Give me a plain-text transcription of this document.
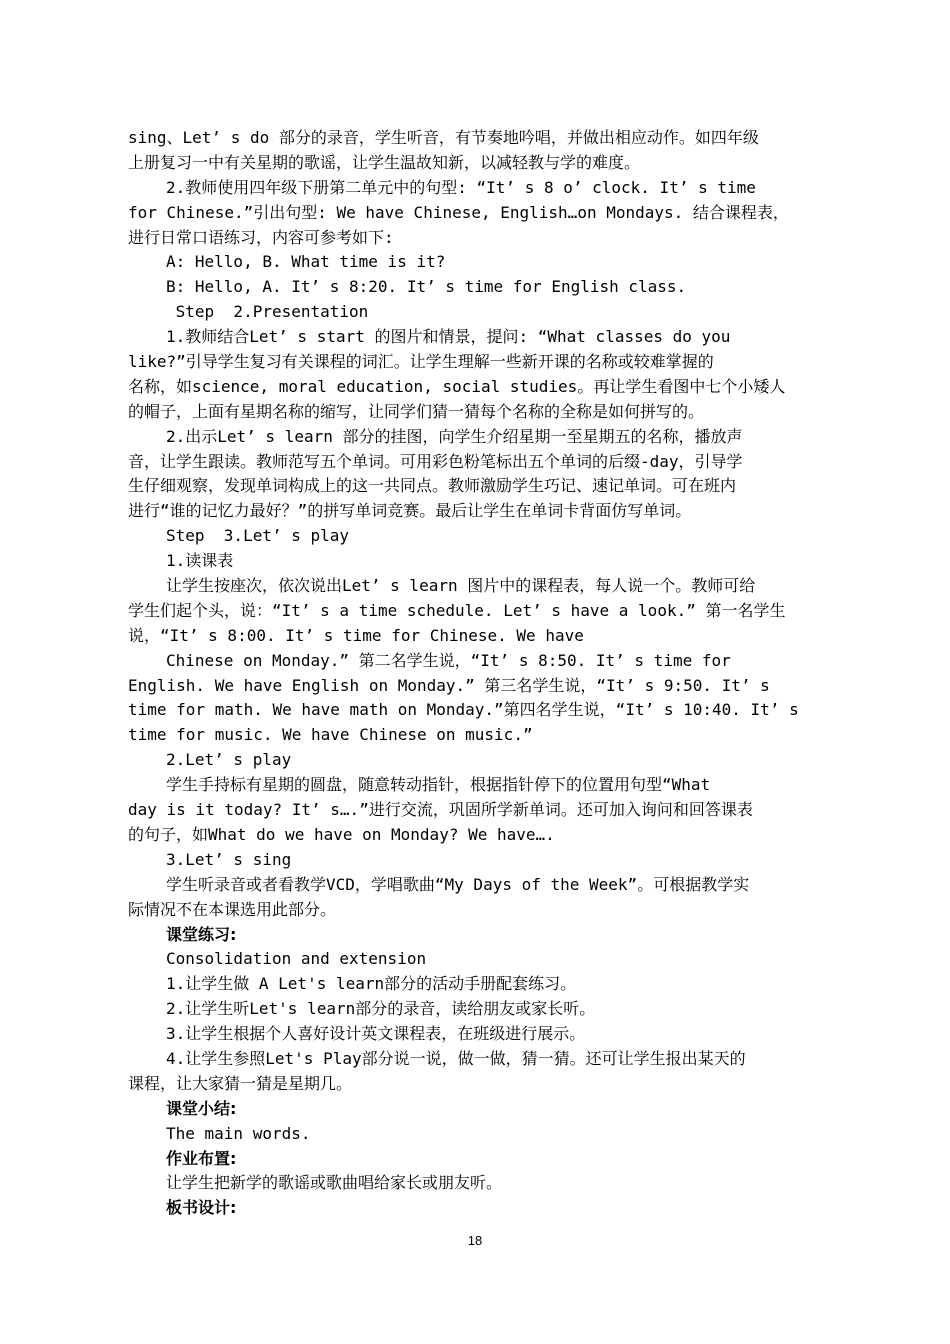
sing、Let’ s do 部分的录音，学生听音，有节奏地吟唱，并做出相应动作。如四年级
上册复习一中有关星期的歌谣，让学生温故知新，以减轻教与学的难度。
2.教师使用四年级下册第二单元中的句型: “It’ s 8 o’ clock. It’ s time
for Chinese.”引出句型: We have Chinese, English…on Mondays. 结合课程表，
进行日常口语练习，内容可参考如下:
A: Hello, B. What time is it?
B: Hello, A. It’ s 8:20. It’ s time for English class.
Step  2.Presentation
1.教师结合Let’ s start 的图片和情景，提问: “What classes do you
like?”引导学生复习有关课程的词汇。让学生理解一些新开课的名称或较难掌握的
名称，如science, moral education, social studies。再让学生看图中七个小矮人
的帽子，上面有星期名称的缩写，让同学们猜一猜每个名称的全称是如何拼写的。
2.出示Let’ s learn 部分的挂图，向学生介绍星期一至星期五的名称，播放声
音，让学生跟读。教师范写五个单词。可用彩色粉笔标出五个单词的后缀-day，引导学
生仔细观察，发现单词构成上的这一共同点。教师激励学生巧记、速记单词。可在班内
进行“谁的记忆力最好？”的拼写单词竞赛。最后让学生在单词卡背面仿写单词。
Step  3.Let’ s play
1.读课表
让学生按座次，依次说出Let’ s learn 图片中的课程表，每人说一个。教师可给
学生们起个头，说：“It’ s a time schedule. Let’ s have a look.” 第一名学生
说，“It’ s 8:00. It’ s time for Chinese. We have
Chinese on Monday.” 第二名学生说，“It’ s 8:50. It’ s time for
English. We have English on Monday.” 第三名学生说，“It’ s 9:50. It’ s
time for math. We have math on Monday.”第四名学生说，“It’ s 10:40. It’ s
time for music. We have Chinese on music.”
2.Let’ s play
学生手持标有星期的圆盘，随意转动指针，根据指针停下的位置用句型“What
day is it today? It’ s….”进行交流，巩固所学新单词。还可加入询问和回答课表
的句子，如What do we have on Monday? We have….
3.Let’ s sing
学生听录音或者看教学VCD，学唱歌曲“My Days of the Week”。可根据教学实
际情况不在本课选用此部分。
课堂练习:
Consolidation and extension
1.让学生做 A Let's learn部分的活动手册配套练习。
2.让学生听Let's learn部分的录音，读给朋友或家长听。
3.让学生根据个人喜好设计英文课程表，在班级进行展示。
4.让学生参照Let's Play部分说一说，做一做，猜一猜。还可让学生报出某天的
课程，让大家猜一猜是星期几。
课堂小结:
The main words.
作业布置:
让学生把新学的歌谣或歌曲唱给家长或朋友听。
板书设计:
18
